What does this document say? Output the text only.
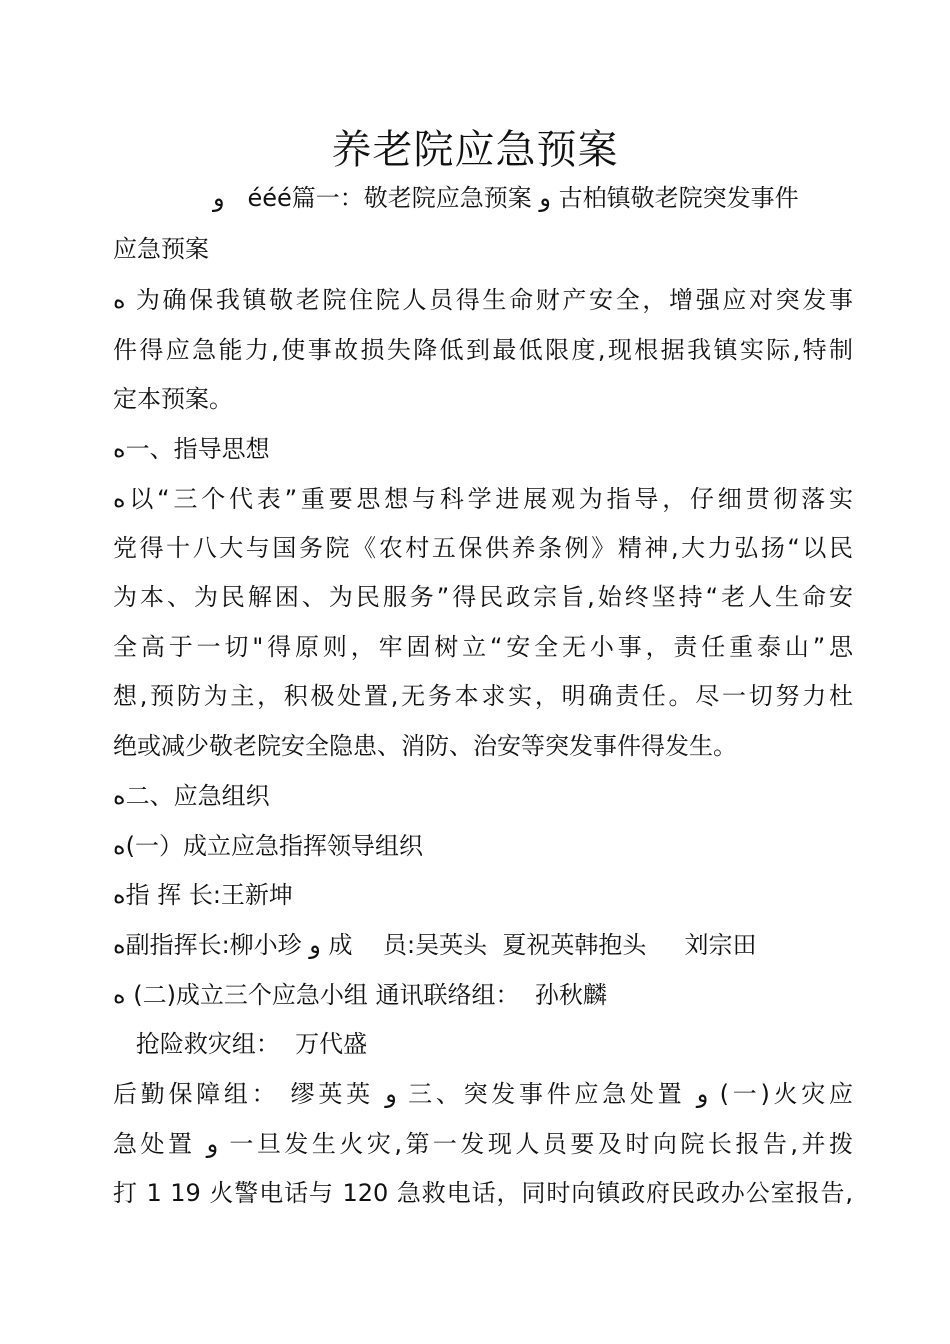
养老院应急预案
و   ééé篇一：敬老院应急预案 ﻭ 古柏镇敬老院突发事件
应急预案
ﻩ 为确保我镇敬老院住院人员得生命财产安全，增强应对突发事
件得应急能力,使事故损失降低到最低限度,现根据我镇实际,特制
定本预案。
ﻩ一、指导思想
ﻩ以“三个代表”重要思想与科学进展观为指导，仔细贯彻落实
党得十八大与国务院《农村五保供养条例》精神,大力弘扬“以民
为本、为民解困、为民服务”得民政宗旨,始终坚持“老人生命安
全高于一切"得原则，牢固树立“安全无小事，责任重泰山”思
想,预防为主，积极处置,无务本求实，明确责任。尽一切努力杜
绝或减少敬老院安全隐患、消防、治安等突发事件得发生。
ﻩ二、应急组织
ﻩ(一）成立应急指挥领导组织
ﻩ指 挥 长:王新坤
ﻩ副指挥长:柳小珍 ﻭ 成    员:吴英头  夏祝英韩抱头     刘宗田
ﻩ (二)成立三个应急小组 通讯联络组：  孙秋麟
抢险救灾组：  万代盛
后勤保障组： 缪英英 ﻭ 三、突发事件应急处置 ﻭ (一)火灾应
急处置 ﻭ 一旦发生火灾,第一发现人员要及时向院长报告,并拨
打 1 19 火警电话与 120 急救电话，同时向镇政府民政办公室报告,
